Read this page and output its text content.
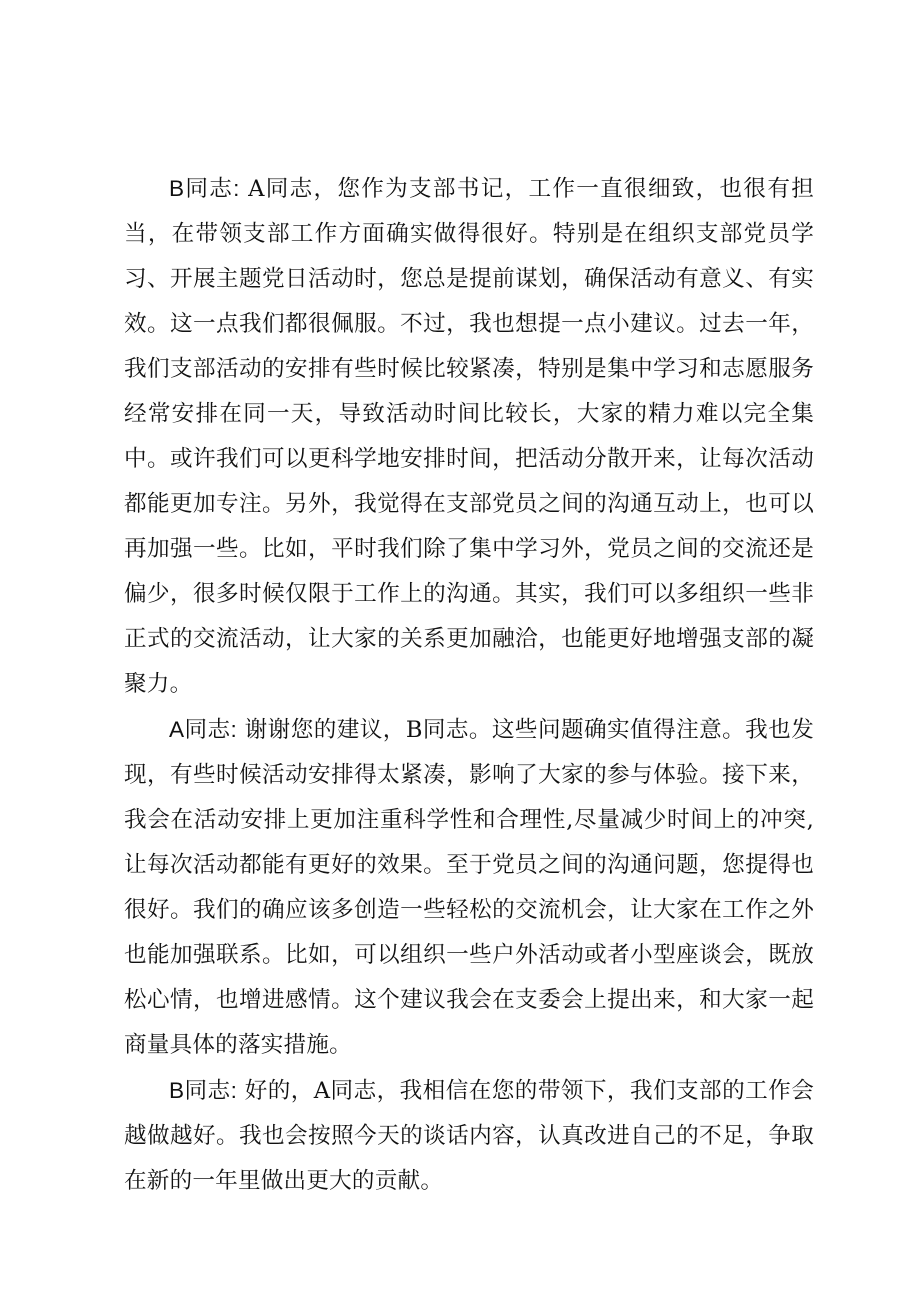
B同志: A同志，您作为支部书记，工作一直很细致，也很有担当，在带领支部工作方面确实做得很好。特别是在组织支部党员学习、开展主题党日活动时，您总是提前谋划，确保活动有意义、有实效。这一点我们都很佩服。不过，我也想提一点小建议。过去一年，我们支部活动的安排有些时候比较紧凑，特别是集中学习和志愿服务经常安排在同一天，导致活动时间比较长，大家的精力难以完全集中。或许我们可以更科学地安排时间，把活动分散开来，让每次活动都能更加专注。另外，我觉得在支部党员之间的沟通互动上，也可以再加强一些。比如，平时我们除了集中学习外，党员之间的交流还是偏少，很多时候仅限于工作上的沟通。其实，我们可以多组织一些非正式的交流活动，让大家的关系更加融洽，也能更好地增强支部的凝聚力。

A同志: 谢谢您的建议，B同志。这些问题确实值得注意。我也发现，有些时候活动安排得太紧凑，影响了大家的参与体验。接下来，我会在活动安排上更加注重科学性和合理性,尽量减少时间上的冲突,让每次活动都能有更好的效果。至于党员之间的沟通问题，您提得也很好。我们的确应该多创造一些轻松的交流机会，让大家在工作之外也能加强联系。比如，可以组织一些户外活动或者小型座谈会，既放松心情，也增进感情。这个建议我会在支委会上提出来，和大家一起商量具体的落实措施。

B同志: 好的，A同志，我相信在您的带领下，我们支部的工作会越做越好。我也会按照今天的谈话内容，认真改进自己的不足，争取在新的一年里做出更大的贡献。
